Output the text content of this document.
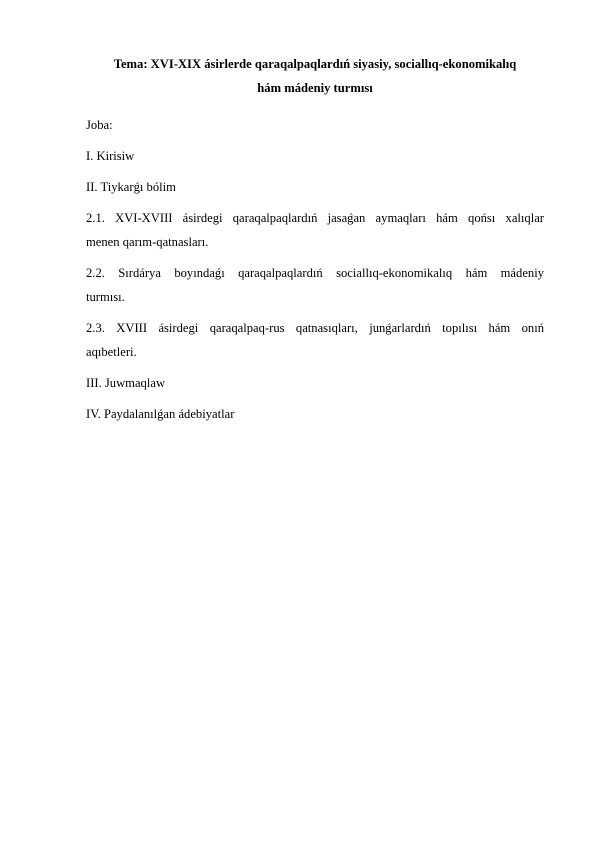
Tema: XVI-XIX ásirlerde qaraqalpaqlardıń siyasiy, sociallıq-ekonomikalıq
hám mádeniy turmısı
Joba:
I. Kirisiw
II. Tiykarǵı bólim
2.1. XVI-XVIII ásirdegi qaraqalpaqlardıń jasaǵan aymaqları hám qońsı xalıqlar
menen qarım-qatnasları.
2.2. Sırdárya boyındaǵı qaraqalpaqlardıń sociallıq-ekonomikalıq hám mádeniy
turmısı.
2.3. XVIII ásirdegi qaraqalpaq-rus qatnasıqları, junǵarlardıń topılısı hám onıń
aqıbetleri.
III. Juwmaqlaw
IV. Paydalanılǵan ádebiyatlar
